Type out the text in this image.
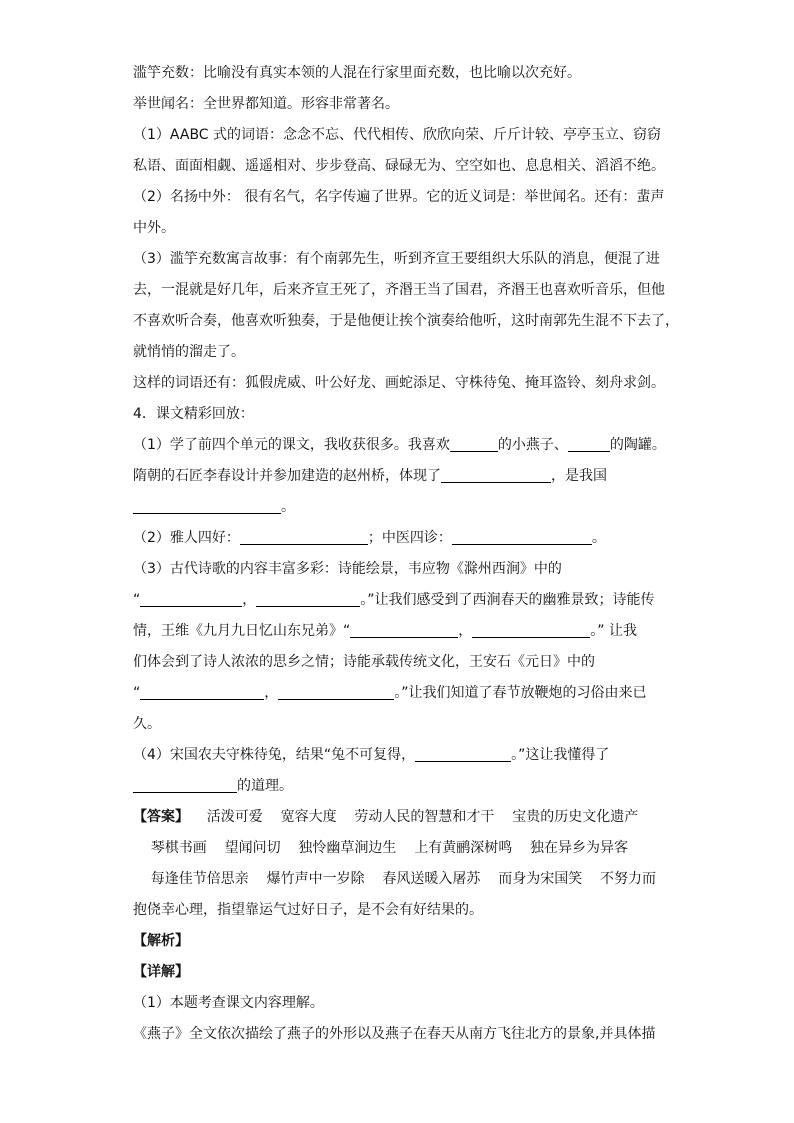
滥竽充数：比喻没有真实本领的人混在行家里面充数，也比喻以次充好。
举世闻名：全世界都知道。形容非常著名。
（1）AABC 式的词语：念念不忘、代代相传、欣欣向荣、斤斤计较、亭亭玉立、窃窃
私语、面面相觑、遥遥相对、步步登高、碌碌无为、空空如也、息息相关、滔滔不绝。
（2）名扬中外： 很有名气，名字传遍了世界。它的近义词是：举世闻名。还有：蜚声
中外。
（3）滥竽充数寓言故事：有个南郭先生，听到齐宣王要组织大乐队的消息，便混了进
去，一混就是好几年，后来齐宣王死了，齐湣王当了国君，齐湣王也喜欢听音乐，但他
不喜欢听合奏，他喜欢听独奏，于是他便让挨个演奏给他听，这时南郭先生混不下去了，
就悄悄的溜走了。
这样的词语还有：狐假虎威、叶公好龙、画蛇添足、守株待兔、掩耳盗铃、刻舟求剑。
4．课文精彩回放：
（1）学了前四个单元的课文，我收获很多。我喜欢	的小燕子、	的陶罐。
隋朝的石匠李春设计并参加建造的赵州桥，体现了	，是我国
。
（2）雅人四好：	；中医四诊：	。
（3）古代诗歌的内容丰富多彩：诗能绘景，韦应物《滁州西涧》中的
“	，	。”让我们感受到了西涧春天的幽雅景致；诗能传
情，王维《九月九日忆山东兄弟》“	，	。” 让我
们体会到了诗人浓浓的思乡之情；诗能承载传统文化，王安石《元日》中的
“	，	。”让我们知道了春节放鞭炮的习俗由来已
久。
（4）宋国农夫守株待兔，结果“兔不可复得，	。”这让我懂得了
的道理。
【答案】    活泼可爱    宽容大度    劳动人民的智慧和才干    宝贵的历史文化遗产
琴棋书画    望闻问切    独怜幽草涧边生    上有黄鹂深树鸣    独在异乡为异客
每逢佳节倍思亲    爆竹声中一岁除    春风送暖入屠苏    而身为宋国笑    不努力而
抱侥幸心理，指望靠运气过好日子，是不会有好结果的。
【解析】
【详解】
（1）本题考查课文内容理解。
《燕子》全文依次描绘了燕子的外形以及燕子在春天从南方飞往北方的景象,并具体描
